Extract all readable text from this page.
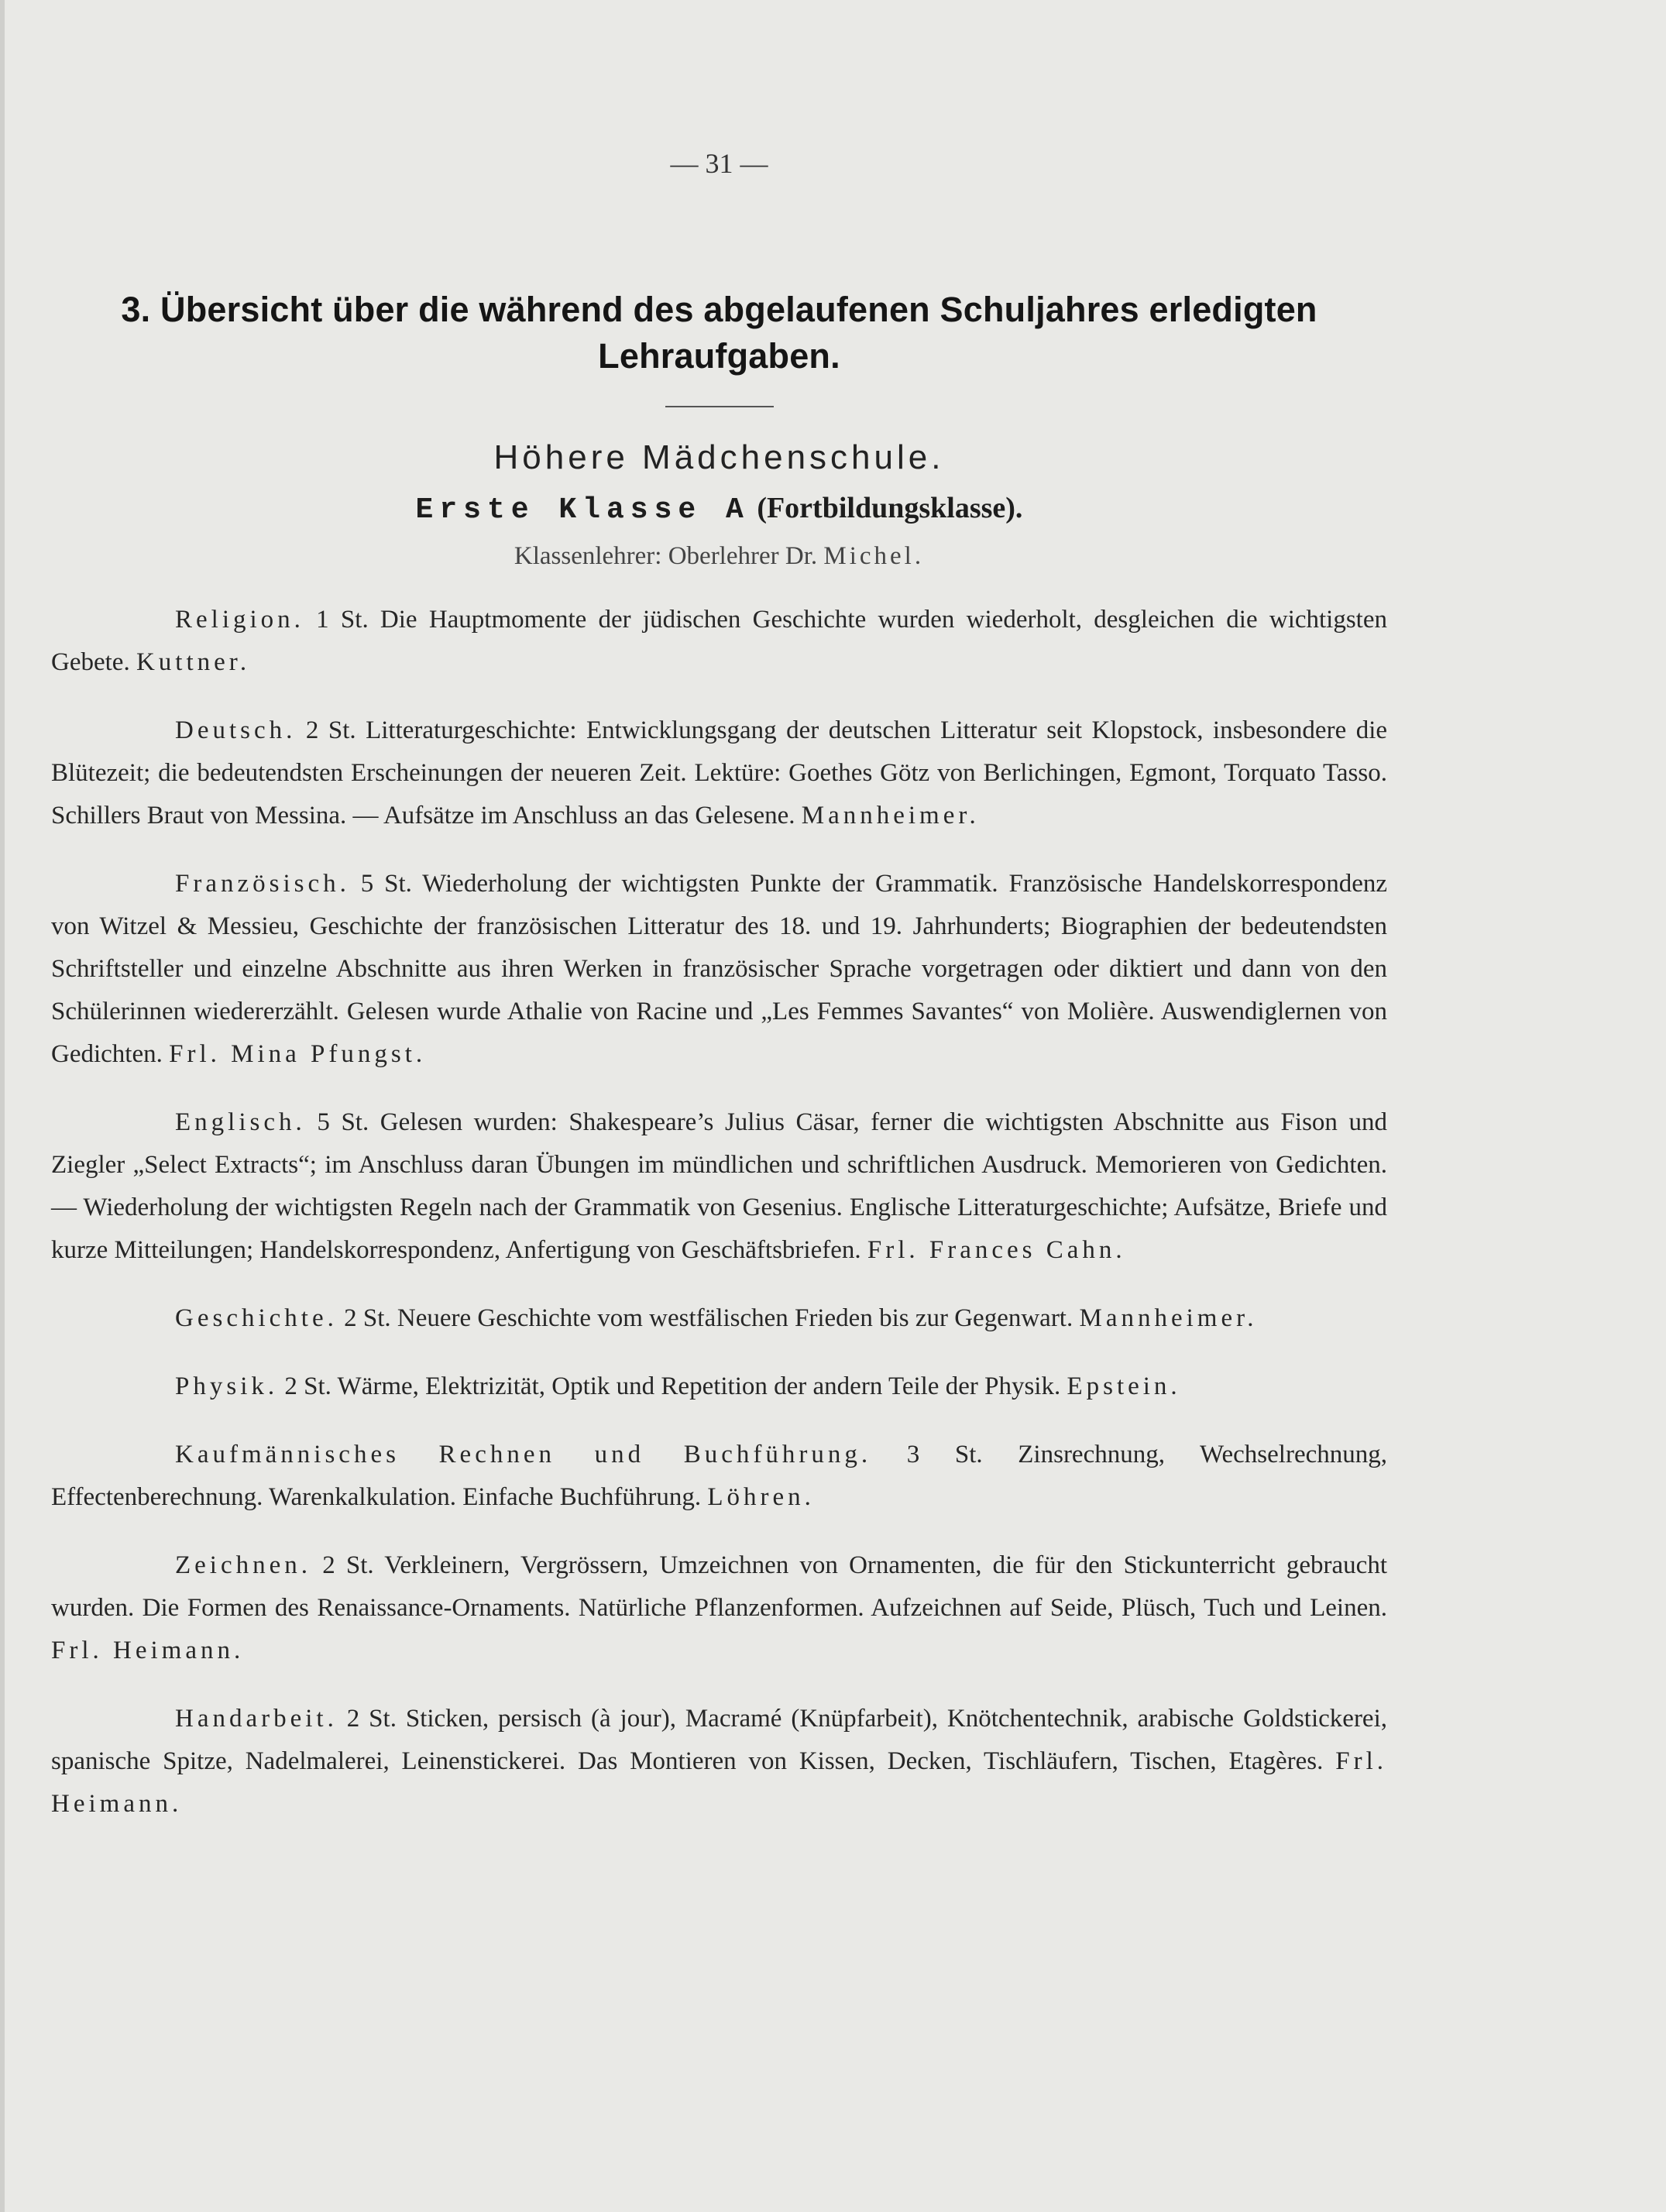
— 31 —
3. Übersicht über die während des abgelaufenen Schuljahres erledigten
Lehraufgaben.
Höhere Mädchenschule.
Erste Klasse A (Fortbildungsklasse).
Klassenlehrer: Oberlehrer Dr. Michel.

Religion. 1 St. Die Hauptmomente der jüdischen Geschichte wurden wiederholt, desgleichen die wichtigsten Gebete. Kuttner.

Deutsch. 2 St. Litteraturgeschichte: Entwicklungsgang der deutschen Litteratur seit Klopstock, insbesondere die Blütezeit; die bedeutendsten Erscheinungen der neueren Zeit. Lektüre: Goethes Götz von Berlichingen, Egmont, Torquato Tasso. Schillers Braut von Messina. — Aufsätze im Anschluss an das Gelesene. Mannheimer.

Französisch. 5 St. Wiederholung der wichtigsten Punkte der Grammatik. Französische Handelskorrespondenz von Witzel & Messieu, Geschichte der französischen Litteratur des 18. und 19. Jahrhunderts; Biographien der bedeutendsten Schriftsteller und einzelne Abschnitte aus ihren Werken in französischer Sprache vorgetragen oder diktiert und dann von den Schülerinnen wiedererzählt. Gelesen wurde Athalie von Racine und „Les Femmes Savantes“ von Molière. Auswendiglernen von Gedichten. Frl. Mina Pfungst.

Englisch. 5 St. Gelesen wurden: Shakespeare’s Julius Cäsar, ferner die wichtigsten Abschnitte aus Fison und Ziegler „Select Extracts“; im Anschluss daran Übungen im mündlichen und schriftlichen Ausdruck. Memorieren von Gedichten. — Wiederholung der wichtigsten Regeln nach der Grammatik von Gesenius. Englische Litteraturgeschichte; Aufsätze, Briefe und kurze Mitteilungen; Handelskorrespondenz, Anfertigung von Geschäftsbriefen. Frl. Frances Cahn.

Geschichte. 2 St. Neuere Geschichte vom westfälischen Frieden bis zur Gegenwart. Mannheimer.

Physik. 2 St. Wärme, Elektrizität, Optik und Repetition der andern Teile der Physik. Epstein.

Kaufmännisches Rechnen und Buchführung. 3 St. Zinsrechnung, Wechselrechnung, Effectenberechnung. Warenkalkulation. Einfache Buchführung. Löhren.

Zeichnen. 2 St. Verkleinern, Vergrössern, Umzeichnen von Ornamenten, die für den Stickunterricht gebraucht wurden. Die Formen des Renaissance-Ornaments. Natürliche Pflanzenformen. Aufzeichnen auf Seide, Plüsch, Tuch und Leinen. Frl. Heimann.

Handarbeit. 2 St. Sticken, persisch (à jour), Macramé (Knüpfarbeit), Knötchentechnik, arabische Goldstickerei, spanische Spitze, Nadelmalerei, Leinenstickerei. Das Montieren von Kissen, Decken, Tischläufern, Tischen, Etagères. Frl. Heimann.
